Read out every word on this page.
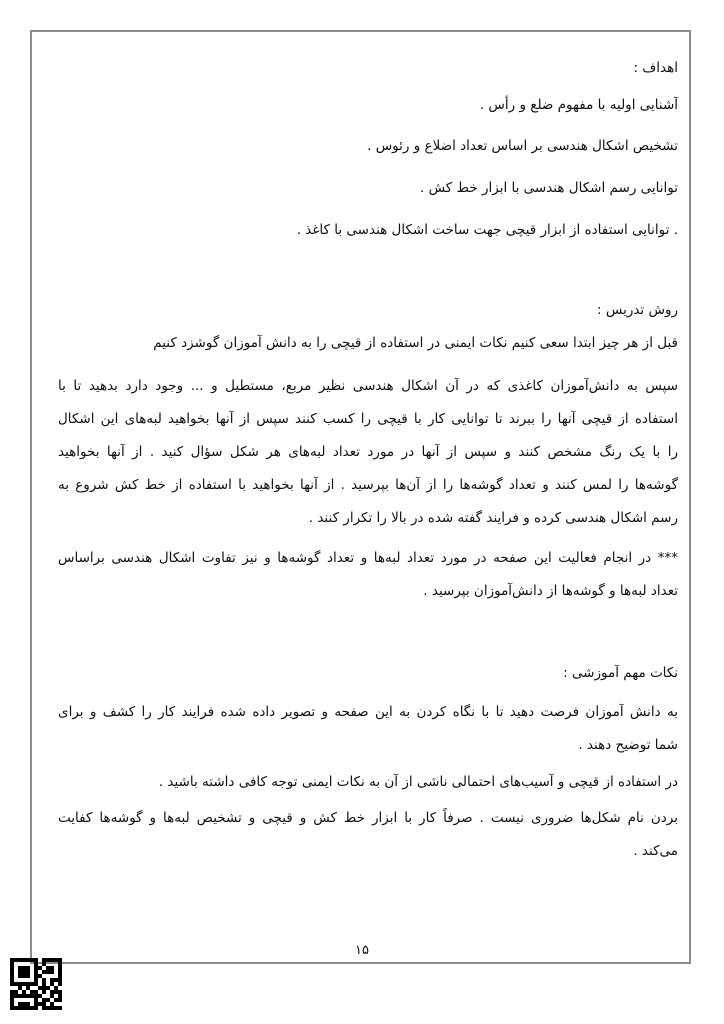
اهداف :

آشنایی اولیه با مفهوم ضلع و رأس .

تشخیص اشکال هندسی بر اساس تعداد اضلاع و رئوس .

توانایی رسم اشکال هندسی با ابزار خط کش .

. توانایی استفاده از ابزار قیچی جهت ساخت اشکال هندسی با کاغذ .

روش تدریس :

قبل از هر چیز ابتدا سعی کنیم نکات ایمنی در استفاده از قیچی را به دانش آموزان گوشزد کنیم

سپس به دانش‌آموزان کاغذی که در آن اشکال هندسی نظیر مربع، مستطیل و ... وجود دارد بدهید تا با

استفاده از قیچی آنها را ببرند تا توانایی کار با قیچی را کسب کنند سپس از آنها بخواهید لبه‌های این اشکال

را با یک رنگ مشخص کنند و سپس از آنها در مورد تعداد لبه‌های هر شکل سؤال کنید . از آنها بخواهید

گوشه‌ها را لمس کنند و تعداد گوشه‌ها را از آن‌ها بپرسید . از آنها بخواهید با استفاده از خط کش شروع به

رسم اشکال هندسی کرده و فرایند گفته شده در بالا را تکرار کنند .

*** در انجام فعالیت این صفحه در مورد تعداد لبه‌ها و تعداد گوشه‌ها و نیز تفاوت اشکال هندسی براساس

تعداد لبه‌ها و گوشه‌ها از دانش‌آموزان بپرسید .

نکات مهم آموزشی :

به دانش آموزان فرصت دهید تا با نگاه کردن به این صفحه و تصویر داده شده فرایند کار را کشف و برای

شما توضیح دهند .

در استفاده از قیچی و آسیب‌های احتمالی ناشی از آن به نکات ایمنی توجه کافی داشته باشید .

بردن نام شکل‌ها ضروری نیست . صرفاً کار با ابزار خط کش و قیچی و تشخیص لبه‌ها و گوشه‌ها کفایت

می‌کند .

۱۵
